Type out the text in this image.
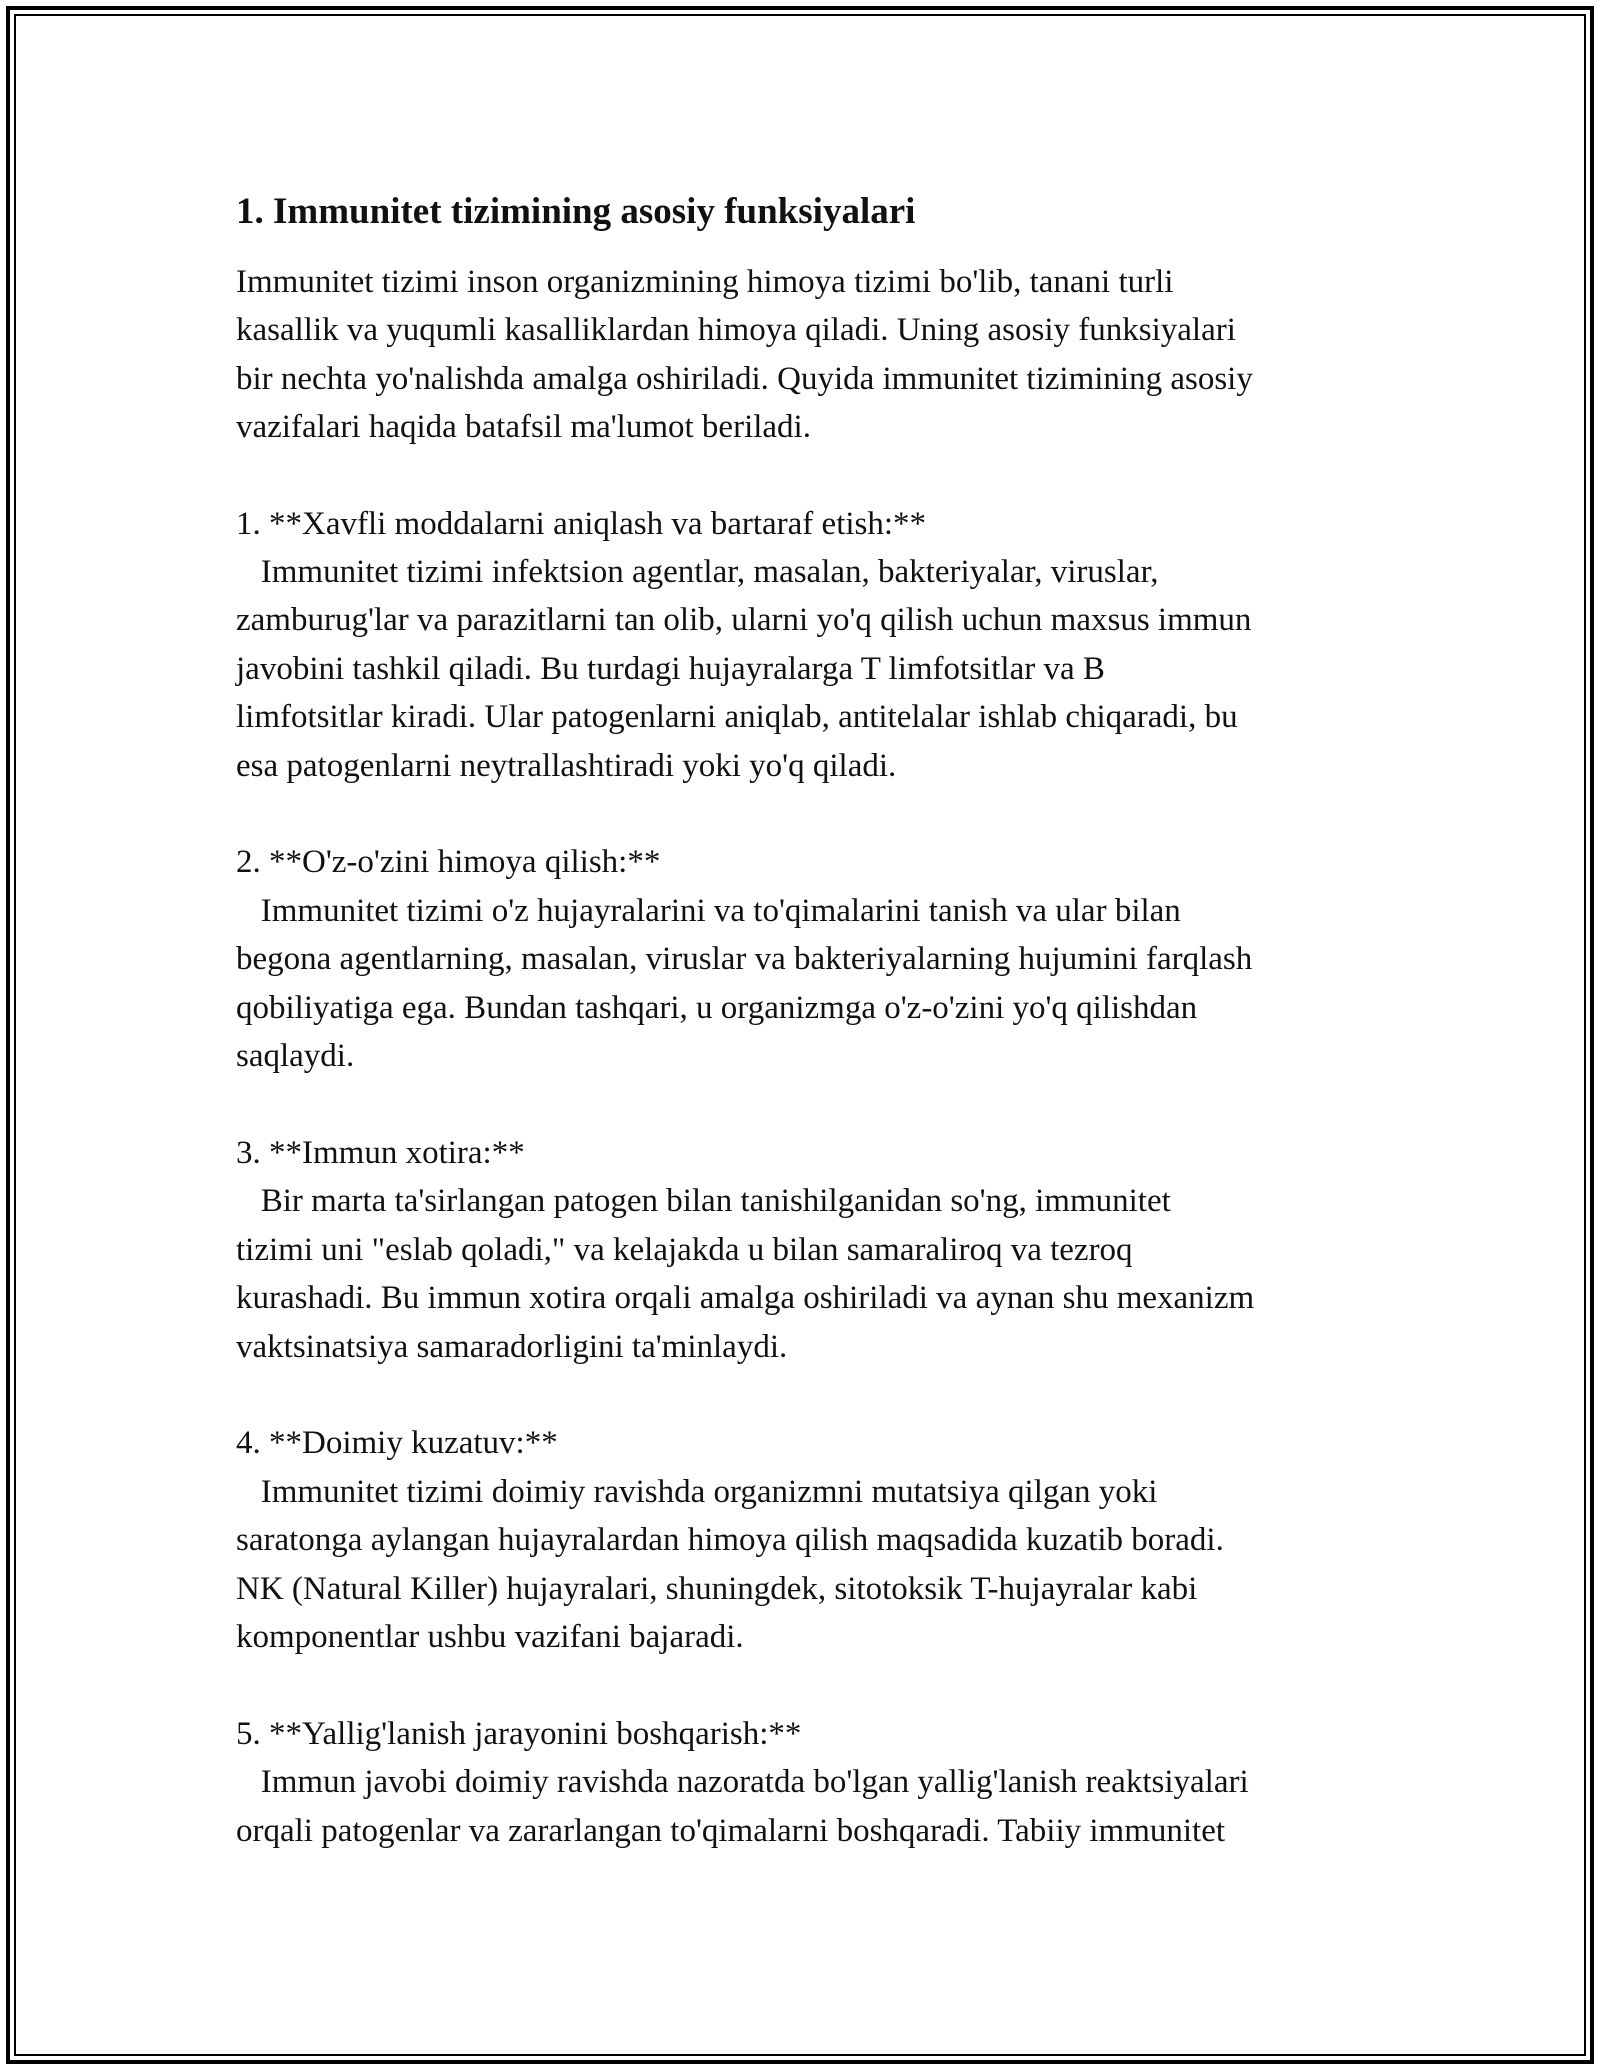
1. Immunitet tizimining asosiy funksiyalari

Immunitet tizimi inson organizmining himoya tizimi bo'lib, tanani turli
kasallik va yuqumli kasalliklardan himoya qiladi. Uning asosiy funksiyalari
bir nechta yo'nalishda amalga oshiriladi. Quyida immunitet tizimining asosiy
vazifalari haqida batafsil ma'lumot beriladi.

1. **Xavfli moddalarni aniqlash va bartaraf etish:**

Immunitet tizimi infektsion agentlar, masalan, bakteriyalar, viruslar,
zamburug'lar va parazitlarni tan olib, ularni yo'q qilish uchun maxsus immun
javobini tashkil qiladi. Bu turdagi hujayralarga T limfotsitlar va B
limfotsitlar kiradi. Ular patogenlarni aniqlab, antitelalar ishlab chiqaradi, bu
esa patogenlarni neytrallashtiradi yoki yo'q qiladi.

2. **O'z-o'zini himoya qilish:**

Immunitet tizimi o'z hujayralarini va to'qimalarini tanish va ular bilan
begona agentlarning, masalan, viruslar va bakteriyalarning hujumini farqlash
qobiliyatiga ega. Bundan tashqari, u organizmga o'z-o'zini yo'q qilishdan
saqlaydi.

3. **Immun xotira:**

Bir marta ta'sirlangan patogen bilan tanishilganidan so'ng, immunitet
tizimi uni "eslab qoladi," va kelajakda u bilan samaraliroq va tezroq
kurashadi. Bu immun xotira orqali amalga oshiriladi va aynan shu mexanizm
vaktsinatsiya samaradorligini ta'minlaydi.

4. **Doimiy kuzatuv:**

Immunitet tizimi doimiy ravishda organizmni mutatsiya qilgan yoki
saratonga aylangan hujayralardan himoya qilish maqsadida kuzatib boradi.
NK (Natural Killer) hujayralari, shuningdek, sitotoksik T-hujayralar kabi
komponentlar ushbu vazifani bajaradi.

5. **Yallig'lanish jarayonini boshqarish:**

Immun javobi doimiy ravishda nazoratda bo'lgan yallig'lanish reaktsiyalari
orqali patogenlar va zararlangan to'qimalarni boshqaradi. Tabiiy immunitet
